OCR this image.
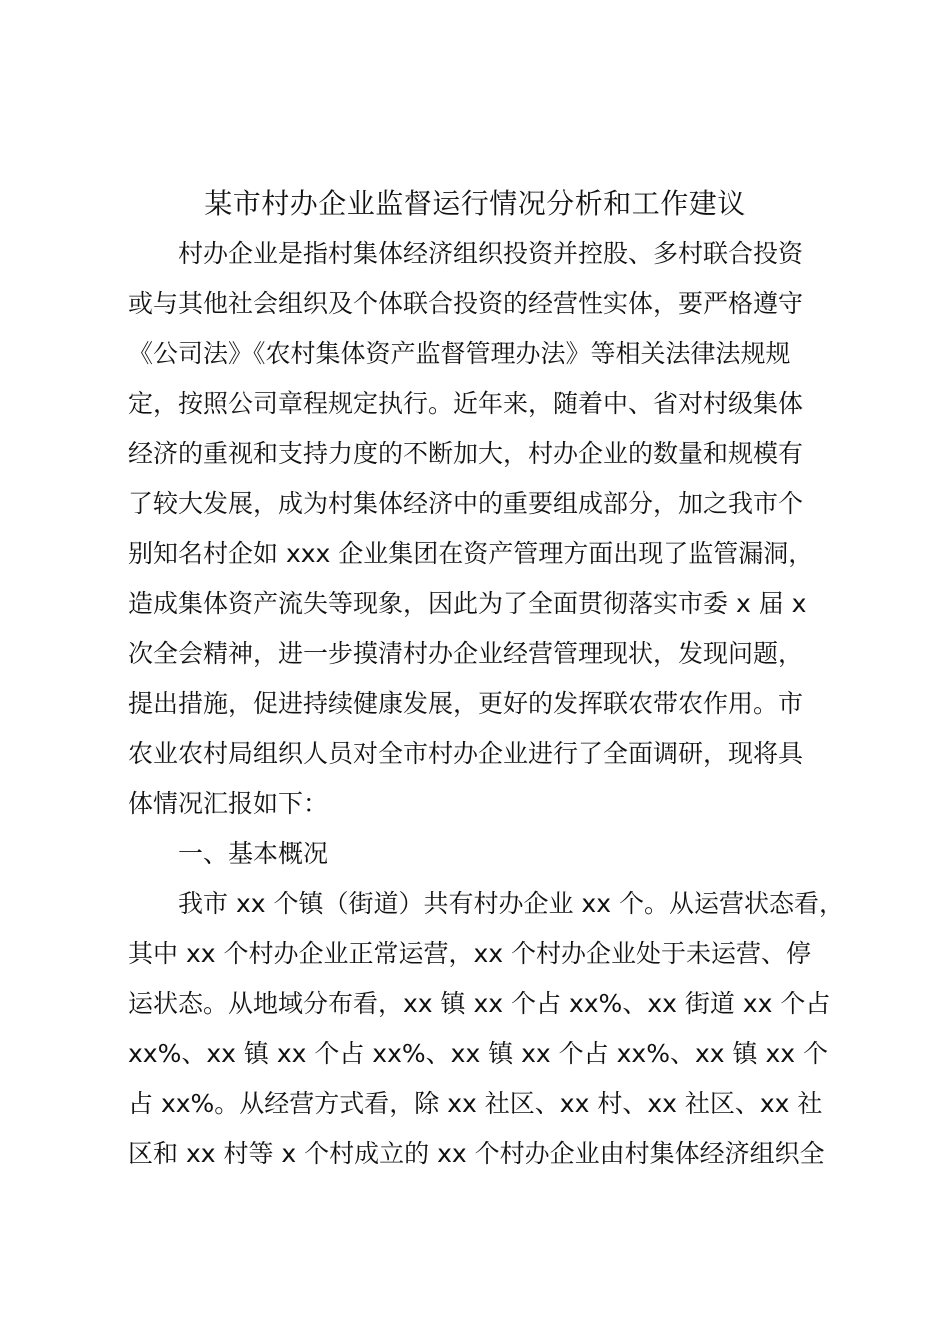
某市村办企业监督运行情况分析和工作建议
村办企业是指村集体经济组织投资并控股、多村联合投资
或与其他社会组织及个体联合投资的经营性实体，要严格遵守
《公司法》《农村集体资产监督管理办法》等相关法律法规规
定，按照公司章程规定执行。近年来，随着中、省对村级集体
经济的重视和支持力度的不断加大，村办企业的数量和规模有
了较大发展，成为村集体经济中的重要组成部分，加之我市个
别知名村企如 xxx 企业集团在资产管理方面出现了监管漏洞，
造成集体资产流失等现象，因此为了全面贯彻落实市委 x 届 x
次全会精神，进一步摸清村办企业经营管理现状，发现问题，
提出措施，促进持续健康发展，更好的发挥联农带农作用。市
农业农村局组织人员对全市村办企业进行了全面调研，现将具
体情况汇报如下：
一、基本概况
我市 xx 个镇（街道）共有村办企业 xx 个。从运营状态看，
其中 xx 个村办企业正常运营，xx 个村办企业处于未运营、停
运状态。从地域分布看，xx 镇 xx 个占 xx%、xx 街道 xx 个占
xx%、xx 镇 xx 个占 xx%、xx 镇 xx 个占 xx%、xx 镇 xx 个
占 xx%。从经营方式看，除 xx 社区、xx 村、xx 社区、xx 社
区和 xx 村等 x 个村成立的 xx 个村办企业由村集体经济组织全
